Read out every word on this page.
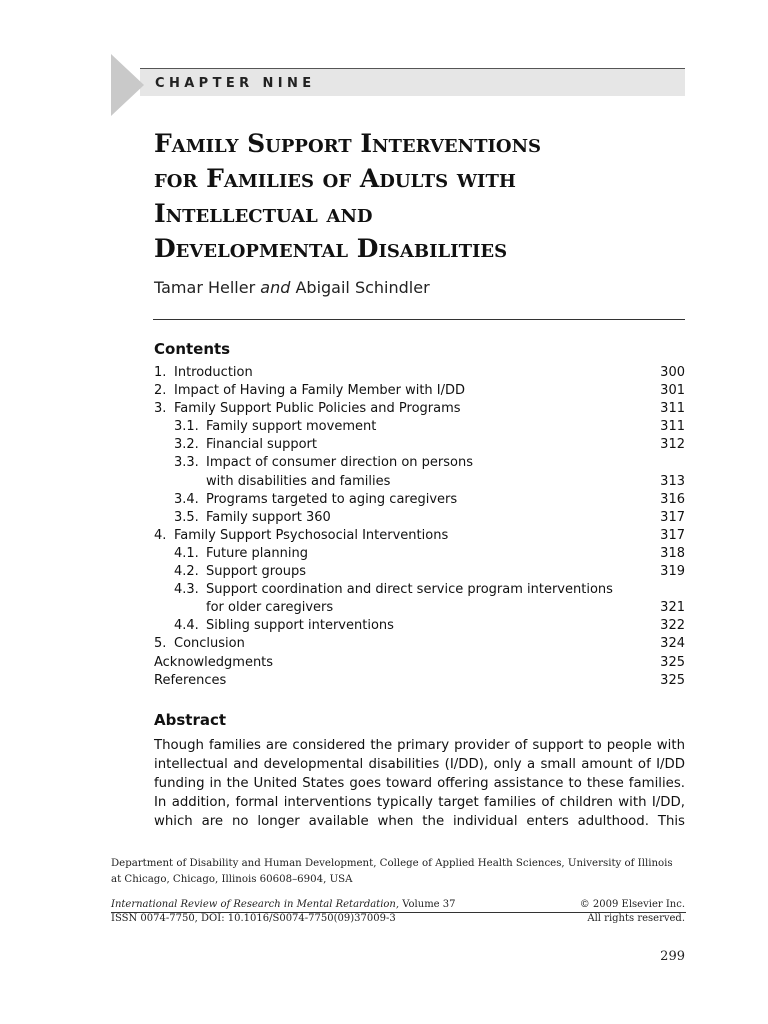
CHAPTER NINE
Family Support Interventions
for Families of Adults with
Intellectual and
Developmental Disabilities
Tamar Heller and Abigail Schindler
Contents
1. Introduction	300
2. Impact of Having a Family Member with I/DD	301
3. Family Support Public Policies and Programs	311
3.1. Family support movement	311
3.2. Financial support	312
3.3. Impact of consumer direction on persons
with disabilities and families	313
3.4. Programs targeted to aging caregivers	316
3.5. Family support 360	317
4. Family Support Psychosocial Interventions	317
4.1. Future planning	318
4.2. Support groups	319
4.3. Support coordination and direct service program interventions
for older caregivers	321
4.4. Sibling support interventions	322
5. Conclusion	324
Acknowledgments	325
References	325
Abstract
Though families are considered the primary provider of support to people with
intellectual and developmental disabilities (I/DD), only a small amount of I/DD
funding in the United States goes toward offering assistance to these families.
In addition, formal interventions typically target families of children with I/DD,
which are no longer available when the individual enters adulthood. This
Department of Disability and Human Development, College of Applied Health Sciences, University of Illinois
at Chicago, Chicago, Illinois 60608–6904, USA
International Review of Research in Mental Retardation, Volume 37
ISSN 0074-7750, DOI: 10.1016/S0074-7750(09)37009-3
© 2009 Elsevier Inc.
All rights reserved.
299
